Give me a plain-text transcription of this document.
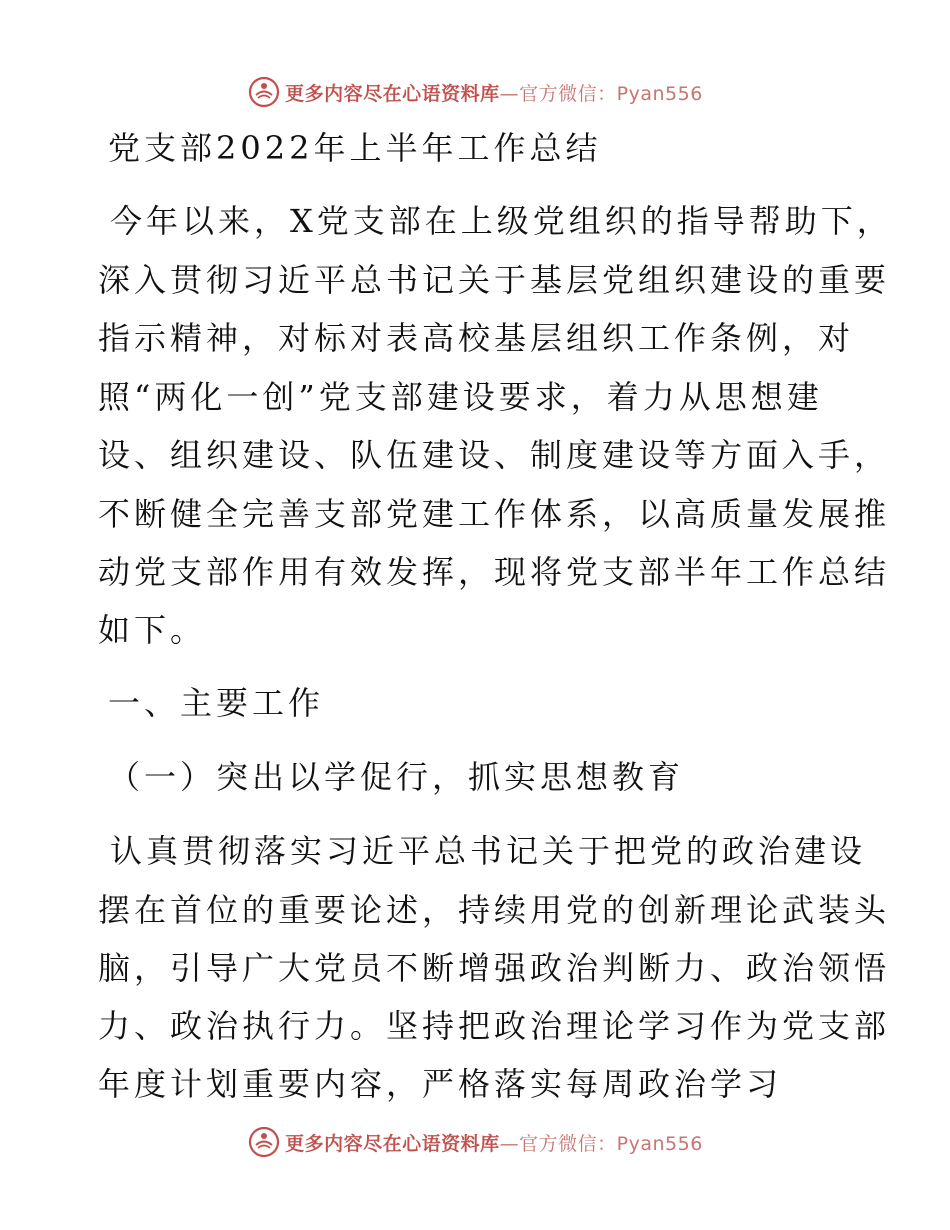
更多内容尽在心语资料库—官方微信：Pyan556
党支部2022年上半年工作总结
今年以来，X党支部在上级党组织的指导帮助下，
深入贯彻习近平总书记关于基层党组织建设的重要
指示精神，对标对表高校基层组织工作条例，对
照“两化一创”党支部建设要求，着力从思想建
设、组织建设、队伍建设、制度建设等方面入手，
不断健全完善支部党建工作体系，以高质量发展推
动党支部作用有效发挥，现将党支部半年工作总结
如下。
一、主要工作
（一）突出以学促行，抓实思想教育
认真贯彻落实习近平总书记关于把党的政治建设
摆在首位的重要论述，持续用党的创新理论武装头
脑，引导广大党员不断增强政治判断力、政治领悟
力、政治执行力。坚持把政治理论学习作为党支部
年度计划重要内容，严格落实每周政治学习
更多内容尽在心语资料库—官方微信：Pyan556
